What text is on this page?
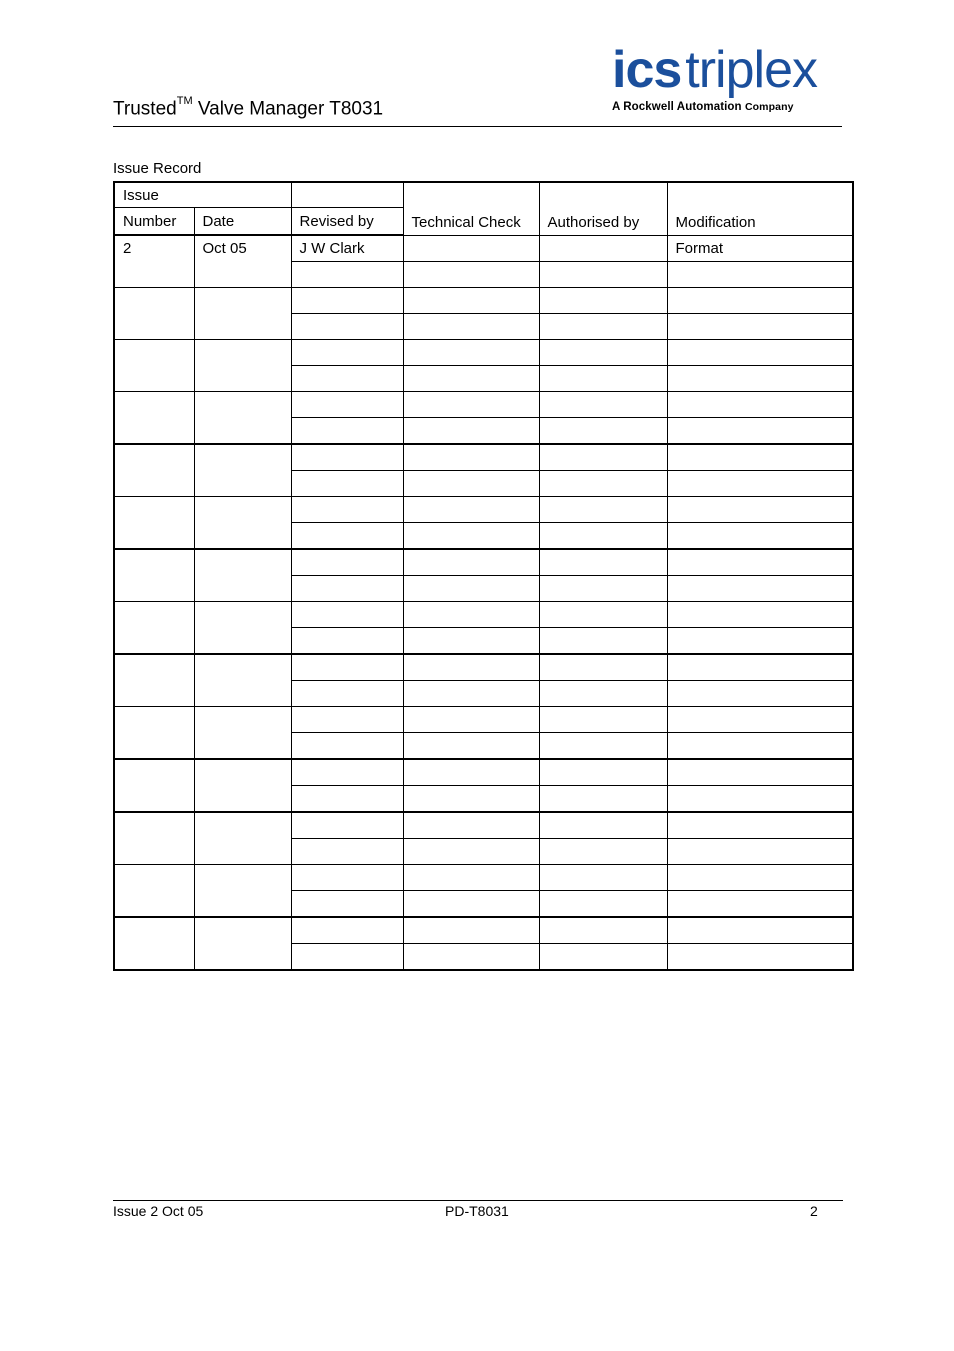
Trusted™ Valve Manager T8031
icstriplex
A Rockwell Automation Company
Issue Record
Issue			Technical Check	Authorised by	Modification
Number	Date	Revised by			
2	Oct 05	J W Clark			Format

Issue 2 Oct 05	PD-T8031	2
